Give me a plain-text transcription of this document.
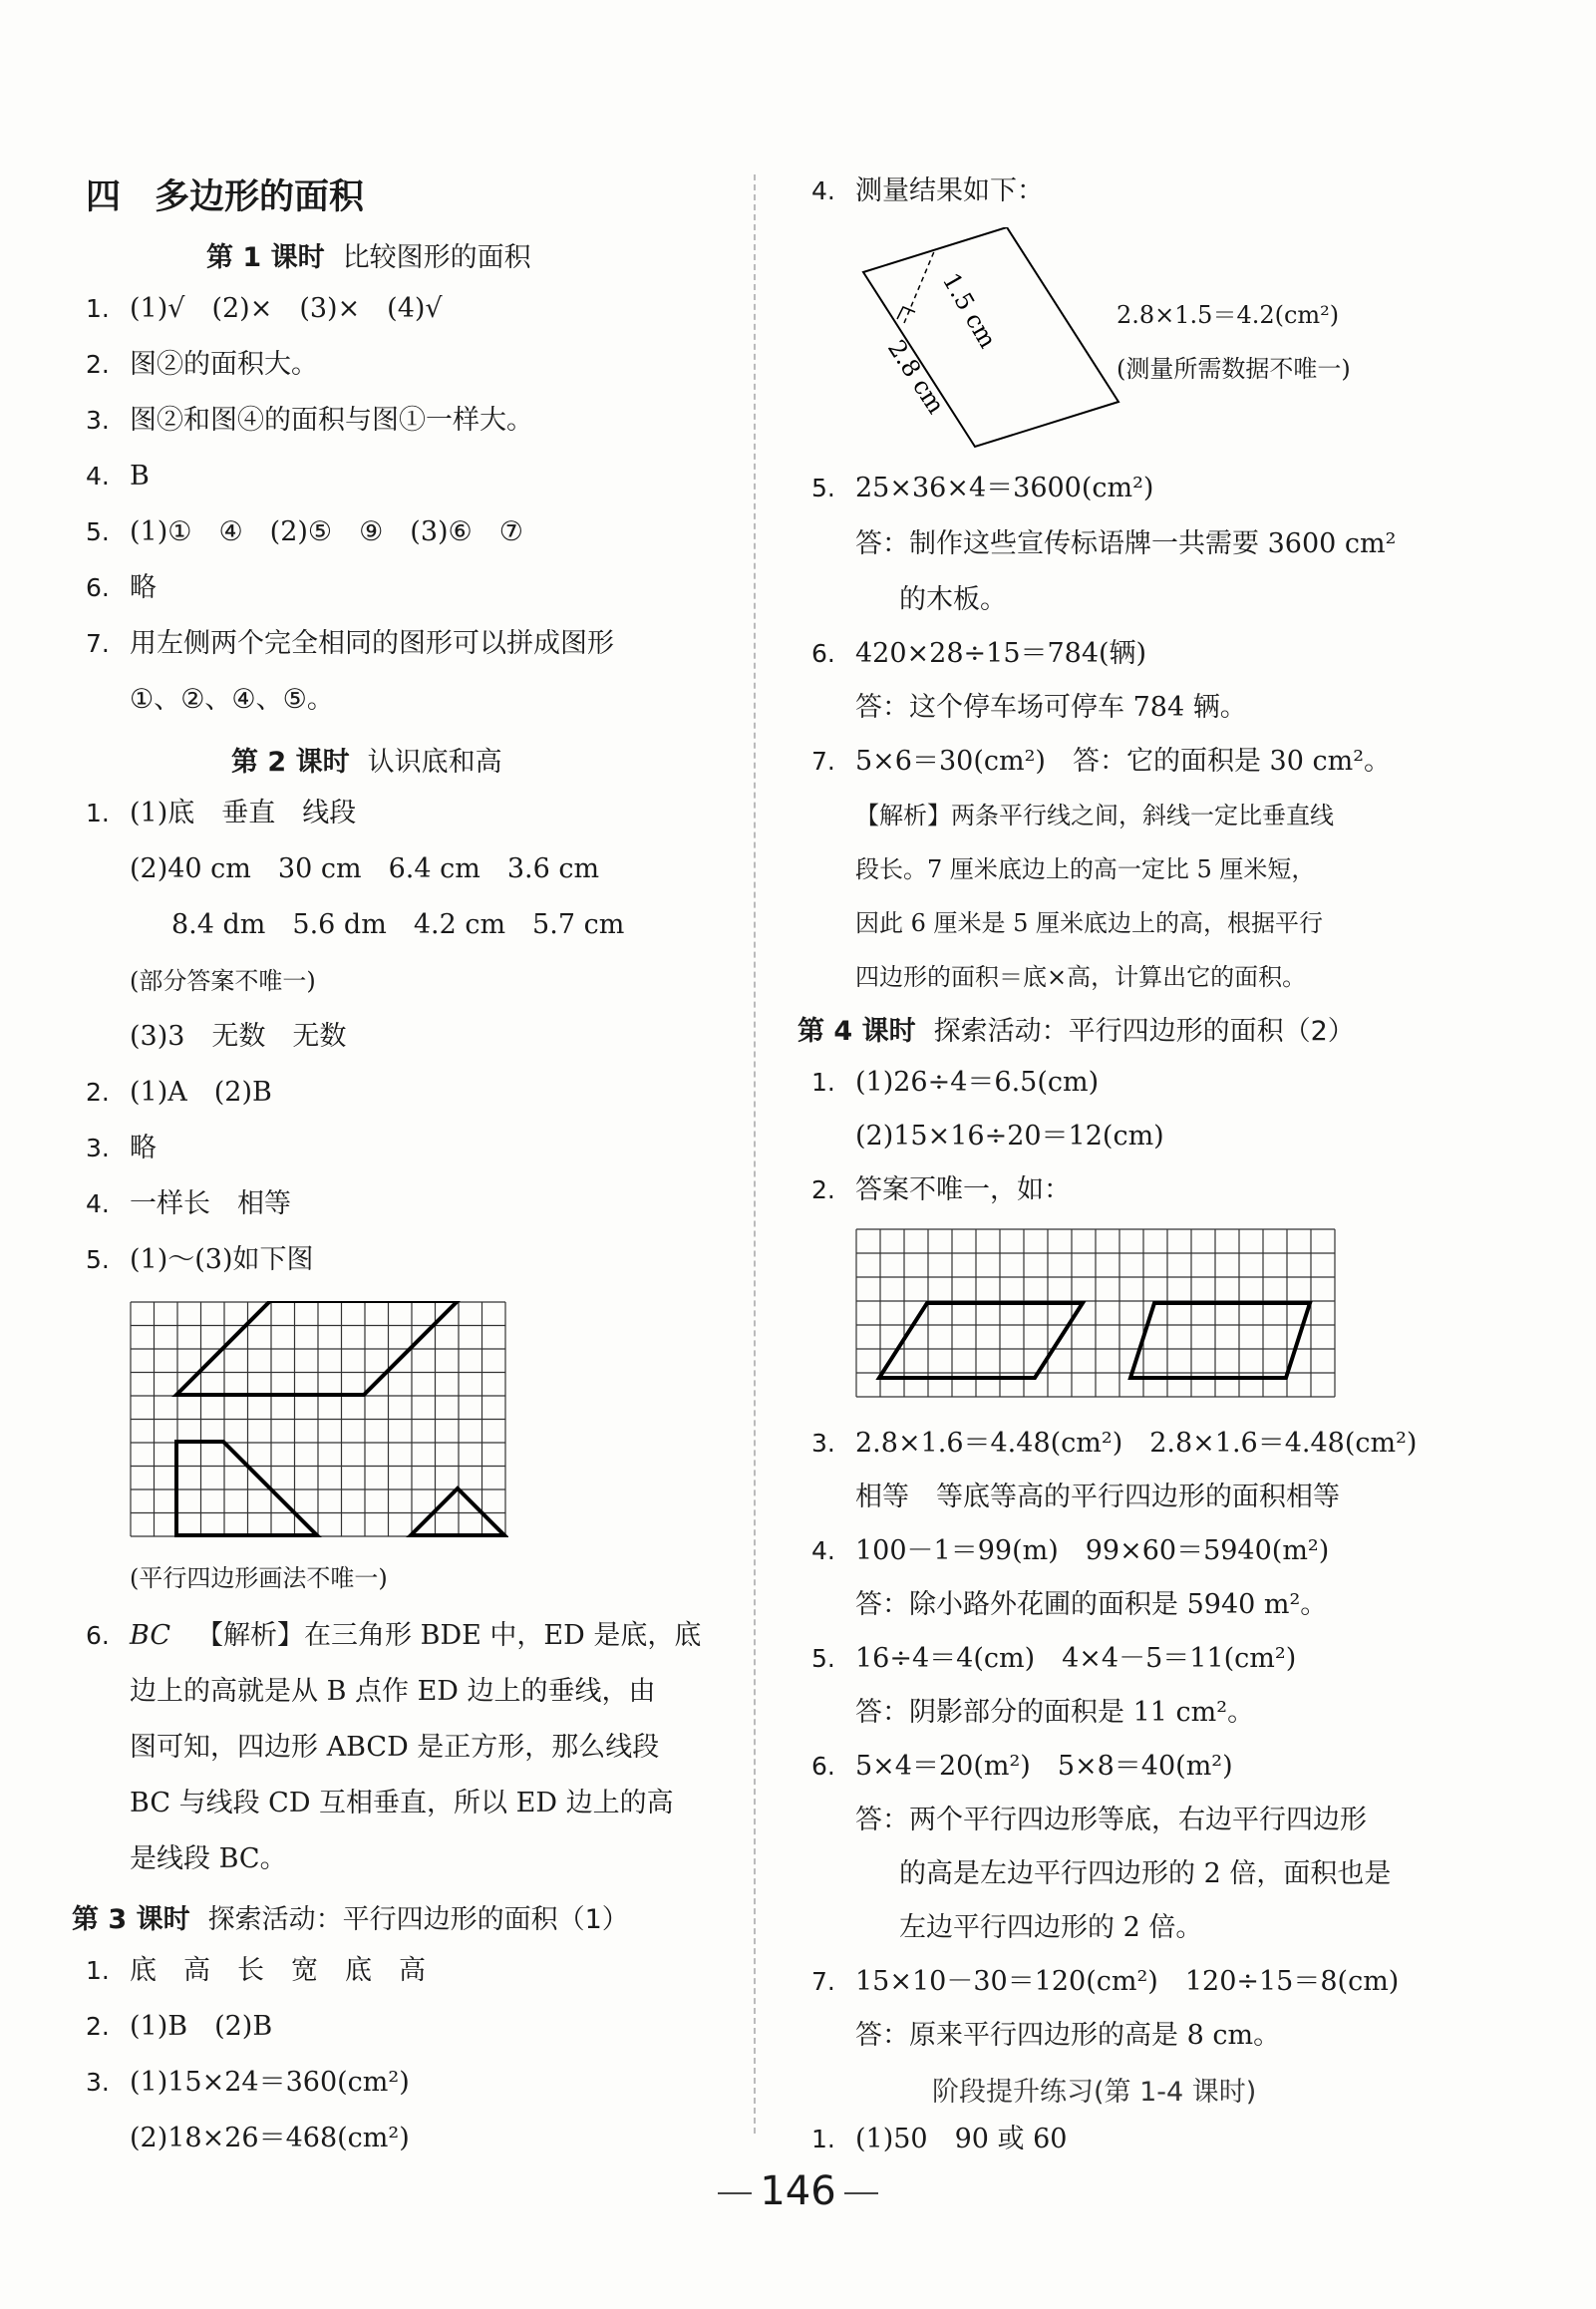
四 多边形的面积
第 1 课时 比较图形的面积
1. (1)√　(2)×　(3)×　(4)√
2. 图②的面积大。
3. 图②和图④的面积与图①一样大。
4. B
5. (1)①　④　(2)⑤　⑨　(3)⑥　⑦
6. 略
7. 用左侧两个完全相同的图形可以拼成图形
①、②、④、⑤。
第 2 课时 认识底和高
1. (1)底　垂直　线段
(2)40 cm　30 cm　6.4 cm　3.6 cm
8.4 dm　5.6 dm　4.2 cm　5.7 cm
(部分答案不唯一)
(3)3　无数　无数
2. (1)A　(2)B
3. 略
4. 一样长　相等
5. (1)～(3)如下图
(平行四边形画法不唯一)
6. BC 【解析】在三角形 BDE 中，ED 是底，底
边上的高就是从 B 点作 ED 边上的垂线，由
图可知，四边形 ABCD 是正方形，那么线段
BC 与线段 CD 互相垂直，所以 ED 边上的高
是线段 BC。
第 3 课时 探索活动：平行四边形的面积（1）
1. 底　高　长　宽　底　高
2. (1)B　(2)B
3. (1)15×24＝360(cm²)
(2)18×26＝468(cm²)
4. 测量结果如下：
1.5 cm
2.8 cm
2.8×1.5＝4.2(cm²)
(测量所需数据不唯一)
5. 25×36×4＝3600(cm²)
答：制作这些宣传标语牌一共需要 3600 cm²
的木板。
6. 420×28÷15＝784(辆)
答：这个停车场可停车 784 辆。
7. 5×6＝30(cm²)　答：它的面积是 30 cm²。
【解析】两条平行线之间，斜线一定比垂直线
段长。7 厘米底边上的高一定比 5 厘米短，
因此 6 厘米是 5 厘米底边上的高，根据平行
四边形的面积＝底×高，计算出它的面积。
第 4 课时 探索活动：平行四边形的面积（2）
1. (1)26÷4＝6.5(cm)
(2)15×16÷20＝12(cm)
2. 答案不唯一，如：
3. 2.8×1.6＝4.48(cm²)　2.8×1.6＝4.48(cm²)
相等　等底等高的平行四边形的面积相等
4. 100－1＝99(m)　99×60＝5940(m²)
答：除小路外花圃的面积是 5940 m²。
5. 16÷4＝4(cm)　4×4－5＝11(cm²)
答：阴影部分的面积是 11 cm²。
6. 5×4＝20(m²)　5×8＝40(m²)
答：两个平行四边形等底，右边平行四边形
的高是左边平行四边形的 2 倍，面积也是
左边平行四边形的 2 倍。
7. 15×10－30＝120(cm²)　120÷15＝8(cm)
答：原来平行四边形的高是 8 cm。
阶段提升练习(第 1-4 课时)
1. (1)50　90 或 60
146
